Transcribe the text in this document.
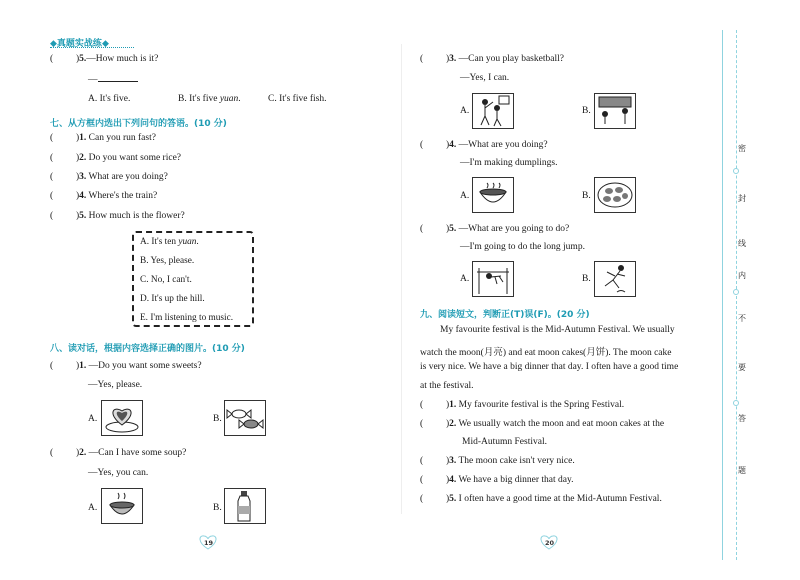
◆真题实战练◆
( )5.—How much is it?
—
A. It's five.	B. It's five yuan.	C. It's five fish.
七、从方框内选出下列问句的答语。(10 分)
( )1. Can you run fast?
( )2. Do you want some rice?
( )3. What are you doing?
( )4. Where's the train?
( )5. How much is the flower?
A. It's ten yuan.
B. Yes, please.
C. No, I can't.
D. It's up the hill.
E. I'm listening to music.
八、读对话，根据内容选择正确的图片。(10 分)
( )1. —Do you want some sweets?
—Yes, please.
A.	B.
( )2. —Can I have some soup?
—Yes, you can.
A.	B.
19
( )3. —Can you play basketball?
—Yes, I can.
A.	B.
( )4. —What are you doing?
—I'm making dumplings.
A.	B.
( )5. —What are you going to do?
—I'm going to do the long jump.
A.	B.
九、阅读短文，判断正(T)误(F)。(20 分)
My favourite festival is the Mid-Autumn Festival. We usually
watch the moon(月亮) and eat moon cakes(月饼). The moon cake
is very nice. We have a big dinner that day. I often have a good time
at the festival.
( )1. My favourite festival is the Spring Festival.
( )2. We usually watch the moon and eat moon cakes at the
Mid-Autumn Festival.
( )3. The moon cake isn't very nice.
( )4. We have a big dinner that day.
( )5. I often have a good time at the Mid-Autumn Festival.
20
密
封
线
内
不
要
答
题
